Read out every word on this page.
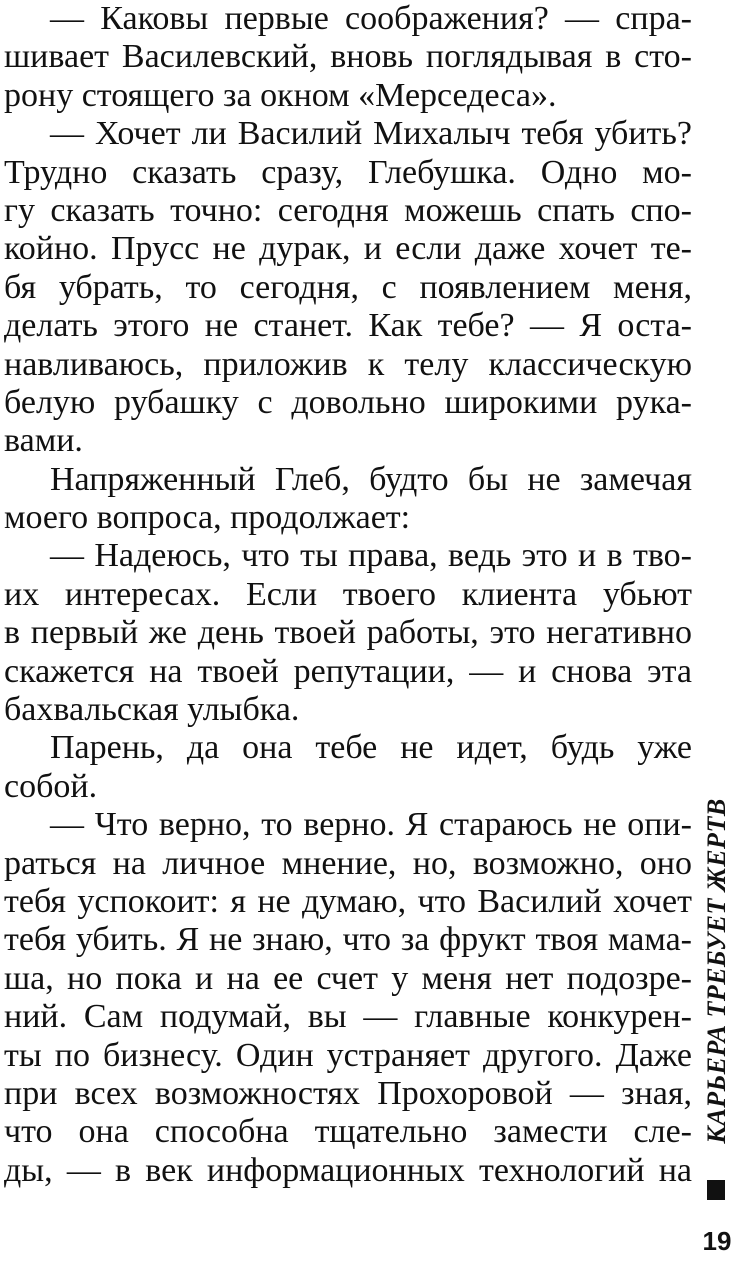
— Каковы первые соображения? — спра-
шивает Василевский, вновь поглядывая в сто-
рону стоящего за окном «Мерседеса».
— Хочет ли Василий Михалыч тебя убить?
Трудно сказать сразу, Глебушка. Одно мо-
гу сказать точно: сегодня можешь спать спо-
койно. Прусс не дурак, и если даже хочет те-
бя убрать, то сегодня, с появлением меня,
делать этого не станет. Как тебе? — Я оста-
навливаюсь, приложив к телу классическую
белую рубашку с довольно широкими рука-
вами.
Напряженный Глеб, будто бы не замечая
моего вопроса, продолжает:
— Надеюсь, что ты права, ведь это и в тво-
их интересах. Если твоего клиента убьют
в первый же день твоей работы, это негативно
скажется на твоей репутации, — и снова эта
бахвальская улыбка.
Парень, да она тебе не идет, будь уже
собой.
— Что верно, то верно. Я стараюсь не опи-
раться на личное мнение, но, возможно, оно
тебя успокоит: я не думаю, что Василий хочет
тебя убить. Я не знаю, что за фрукт твоя мама-
ша, но пока и на ее счет у меня нет подозре-
ний. Сам подумай, вы — главные конкурен-
ты по бизнесу. Один устраняет другого. Даже
при всех возможностях Прохоровой — зная,
что она способна тщательно замести сле-
ды, — в век информационных технологий на
КАРЬЕРА ТРЕБУЕТ ЖЕРТВ
19
